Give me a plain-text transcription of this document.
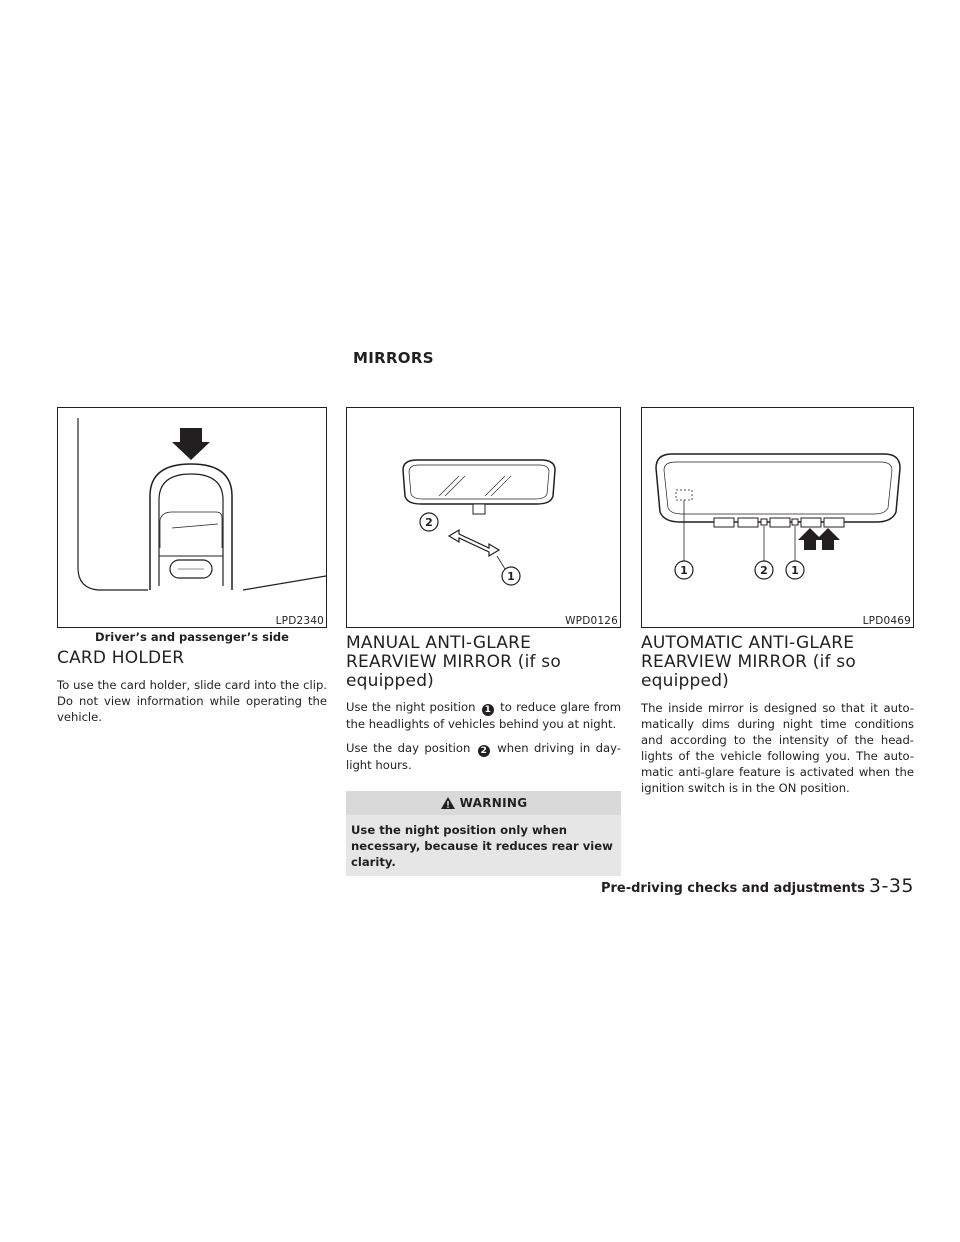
MIRRORS
LPD2340
Driver’s and passenger’s side
2
1
WPD0126
1	2 1
LPD0469
CARD HOLDER

To use the card holder, slide card into the clip. Do not view information while operating the vehicle.

MANUAL ANTI-GLARE
REARVIEW MIRROR (if so
equipped)

Use the night position 1 to reduce glare from the headlights of vehicles behind you at night.

Use the day position 2 when driving in day-light hours.

WARNING
Use the night position only when necessary, because it reduces rear view clarity.
AUTOMATIC ANTI-GLARE
REARVIEW MIRROR (if so
equipped)

The inside mirror is designed so that it auto-matically dims during night time conditions and according to the intensity of the head-lights of the vehicle following you. The auto-matic anti-glare feature is activated when the ignition switch is in the ON position.

Pre-driving checks and adjustments 3-35
